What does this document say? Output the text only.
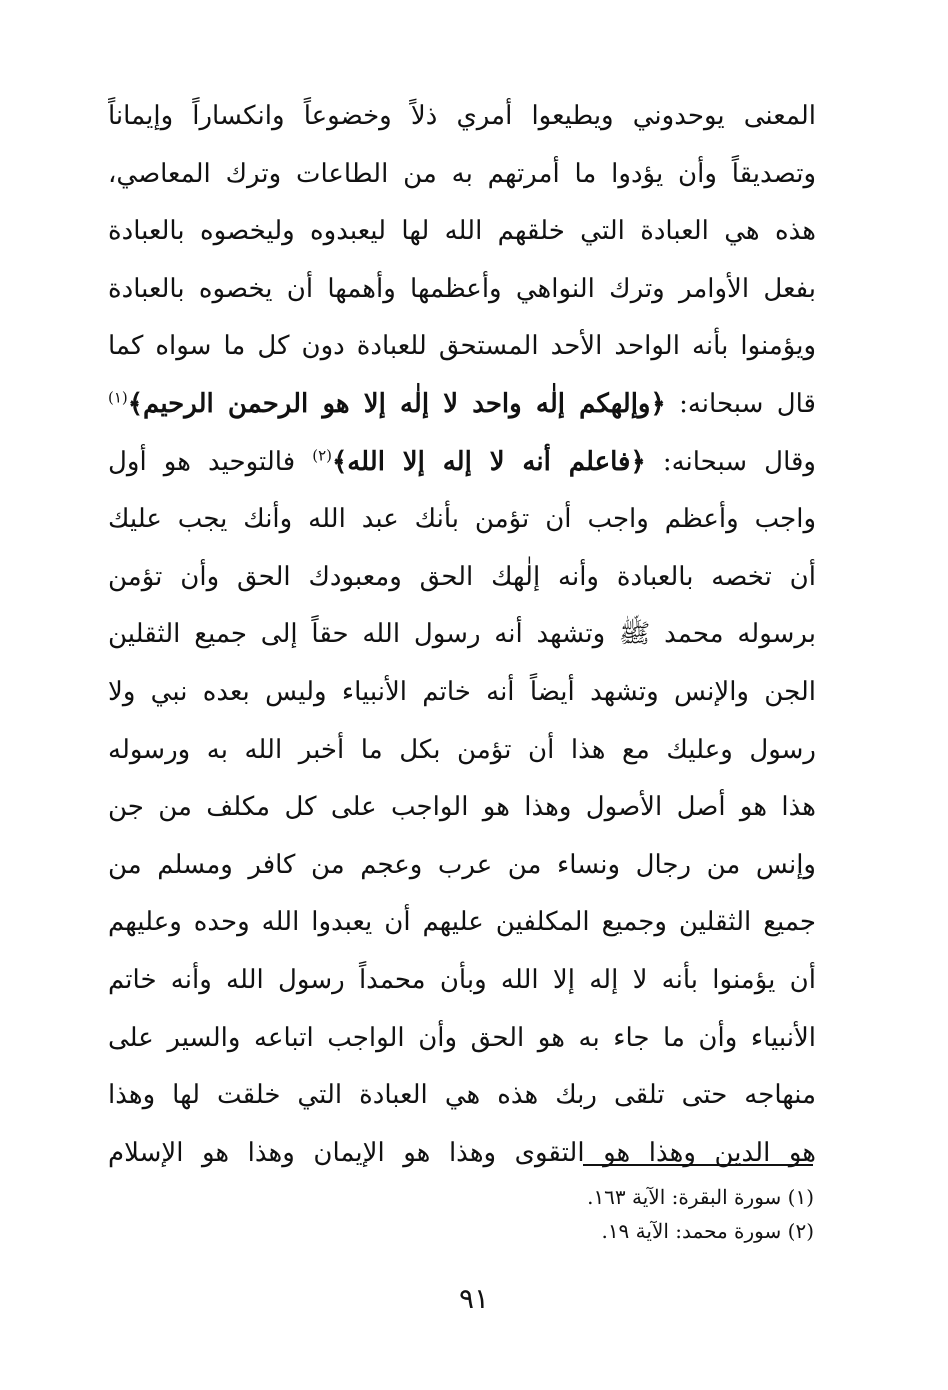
المعنى يوحدوني ويطيعوا أمري ذلاً وخضوعاً وانكساراً وإيماناً
وتصديقاً وأن يؤدوا ما أمرتهم به من الطاعات وترك المعاصي،
هذه هي العبادة التي خلقهم الله لها ليعبدوه وليخصوه بالعبادة
بفعل الأوامر وترك النواهي وأعظمها وأهمها أن يخصوه بالعبادة
ويؤمنوا بأنه الواحد الأحد المستحق للعبادة دون كل ما سواه كما
قال سبحانه: ﴿وإلهكم إلٰه واحد لا إلٰه إلا هو الرحمن الرحيم﴾$^{(١)}$
وقال سبحانه: ﴿فاعلم أنه لا إله إلا الله﴾$^{(٢)}$ فالتوحيد هو أول
واجب وأعظم واجب أن تؤمن بأنك عبد الله وأنك يجب عليك
أن تخصه بالعبادة وأنه إلٰهك الحق ومعبودك الحق وأن تؤمن
برسوله محمد ﷺ وتشهد أنه رسول الله حقاً إلى جميع الثقلين
الجن والإنس وتشهد أيضاً أنه خاتم الأنبياء وليس بعده نبي ولا
رسول وعليك مع هذا أن تؤمن بكل ما أخبر الله به ورسوله
هذا هو أصل الأصول وهذا هو الواجب على كل مكلف من جن
وإنس من رجال ونساء من عرب وعجم من كافر ومسلم من
جميع الثقلين وجميع المكلفين عليهم أن يعبدوا الله وحده وعليهم
أن يؤمنوا بأنه لا إله إلا الله وبأن محمداً رسول الله وأنه خاتم
الأنبياء وأن ما جاء به هو الحق وأن الواجب اتباعه والسير على
منهاجه حتى تلقى ربك هذه هي العبادة التي خلقت لها وهذا
هو الدين وهذا هو التقوى وهذا هو الإيمان وهذا هو الإسلام
(١) سورة البقرة: الآية ١٦٣.
(٢) سورة محمد: الآية ١٩.
٩١
